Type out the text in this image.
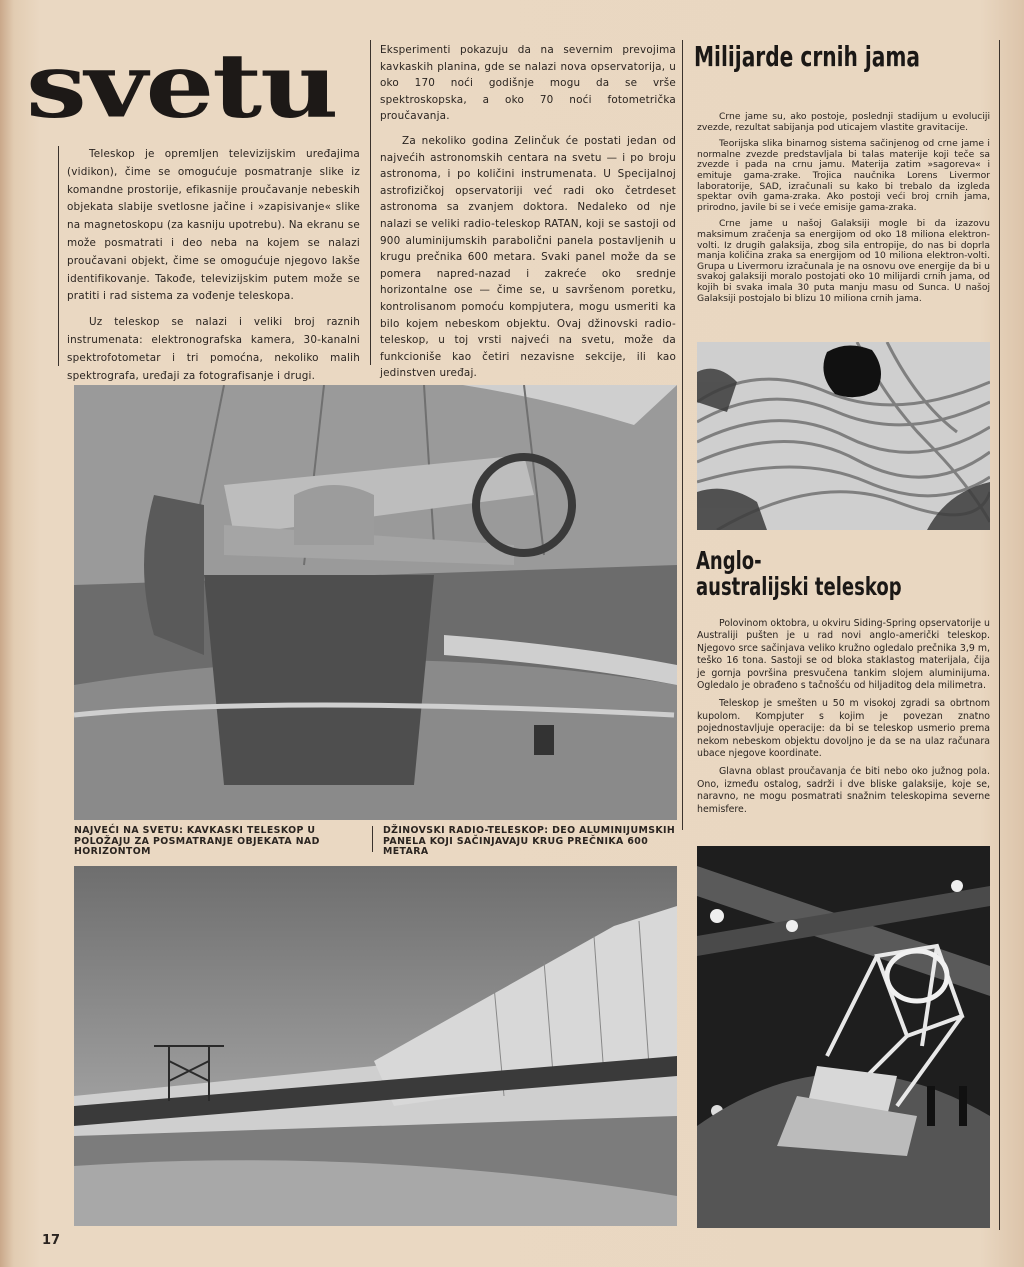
svetu

Teleskop je opremljen televizijskim uređajima (vidikon), čime se omogućuje posmatranje slike iz komandne prostorije, efikasnije proučavanje nebeskih objekata slabije svetlosne jačine i »zapisivanje« slike na magnetoskopu (za kasniju upotrebu). Na ekranu se može posmatrati i deo neba na kojem se nalazi proučavani objekt, čime se omogućuje njegovo lakše identifikovanje. Takođe, televizijskim putem može se pratiti i rad sistema za vođenje teleskopa.

Uz teleskop se nalazi i veliki broj raznih instrumenata: elektronografska kamera, 30-kanalni spektrofotometar i tri pomoćna, nekoliko malih spektrografa, uređaji za fotografisanje i drugi.

Eksperimenti pokazuju da na severnim prevojima kavkaskih planina, gde se nalazi nova opservatorija, u oko 170 noći godišnje mogu da se vrše spektroskopska, a oko 70 noći fotometrička proučavanja.

Za nekoliko godina Zelinčuk će postati jedan od najvećih astronomskih centara na svetu — i po broju astronoma, i po količini instrumenata. U Specijalnoj astrofizičkoj opservatoriji već radi oko četrdeset astronoma sa zvanjem doktora. Nedaleko od nje nalazi se veliki radio-teleskop RATAN, koji se sastoji od 900 aluminijumskih parabolični panela postavljenih u krugu prečnika 600 metara. Svaki panel može da se pomera napred-nazad i zakreće oko srednje horizontalne ose — čime se, u savršenom poretku, kontrolisanom pomoću kompjutera, mogu usmeriti ka bilo kojem nebeskom objektu. Ovaj džinovski radio-teleskop, u toj vrsti najveći na svetu, može da funkcioniše kao četiri nezavisne sekcije, ili kao jedinstven uređaj.

Milijarde crnih jama

Crne jame su, ako postoje, poslednji stadijum u evoluciji zvezde, rezultat sabijanja pod uticajem vlastite gravitacije.

Teorijska slika binarnog sistema sačinjenog od crne jame i normalne zvezde predstavljala bi talas materije koji teče sa zvezde i pada na crnu jamu. Materija zatim »sagoreva« i emituje gama-zrake. Trojica naučnika Lorens Livermor laboratorije, SAD, izračunali su kako bi trebalo da izgleda spektar ovih gama-zraka. Ako postoji veći broj crnih jama, prirodno, javile bi se i veće emisije gama-zraka.

Crne jame u našoj Galaksiji mogle bi da izazovu maksimum zračenja sa energijom od oko 18 miliona elektron-volti. Iz drugih galaksija, zbog sila entropije, do nas bi doprla manja količina zraka sa energijom od 10 miliona elektron-volti. Grupa u Livermoru izračunala je na osnovu ove energije da bi u svakoj galaksiji moralo postojati oko 10 milijardi crnih jama, od kojih bi svaka imala 30 puta manju masu od Sunca. U našoj Galaksiji postojalo bi blizu 10 miliona crnih jama.

Anglo-
australijski teleskop

Polovinom oktobra, u okviru Siding-Spring opservatorije u Australiji pušten je u rad novi anglo-američki teleskop. Njegovo srce sačinjava veliko kružno ogledalo prečnika 3,9 m, teško 16 tona. Sastoji se od bloka staklastog materijala, čija je gornja površina presvučena tankim slojem aluminijuma. Ogledalo je obrađeno s tačnošću od hiljaditog dela milimetra.

Teleskop je smešten u 50 m visokoj zgradi sa obrtnom kupolom. Kompjuter s kojim je povezan znatno pojednostavljuje operacije: da bi se teleskop usmerio prema nekom nebeskom objektu dovoljno je da se na ulaz računara ubace njegove koordinate.

Glavna oblast proučavanja će biti nebo oko južnog pola. Ono, između ostalog, sadrži i dve bliske galaksije, koje se, naravno, ne mogu posmatrati snažnim teleskopima severne hemisfere.

NAJVEĆI NA SVETU: KAVKASKI TELESKOP U POLOŽAJU ZA POSMATRANJE OBJEKATA NAD HORIZONTOM
DŽINOVSKI RADIO-TELESKOP: DEO ALUMINIJUMSKIH PANELA KOJI SAČINJAVAJU KRUG PREČNIKA 600 METARA
17
